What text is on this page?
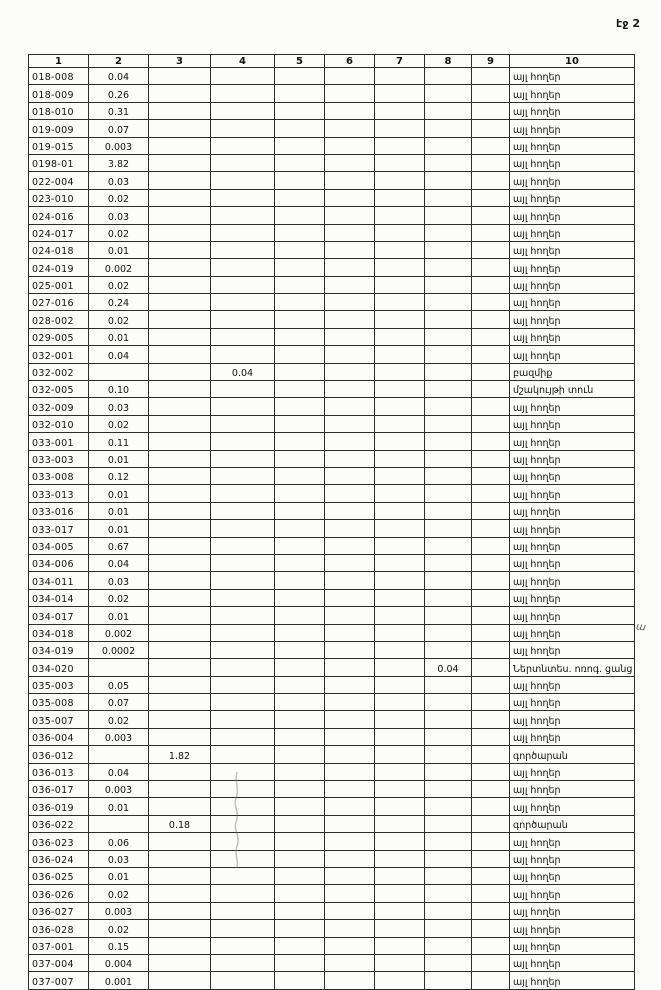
էջ 2
1	2	3	4	5	6	7	8	9	10
018-008	0.04								այլ հողեր
018-009	0.26								այլ հողեր
018-010	0.31								այլ հողեր
019-009	0.07								այլ հողեր
019-015	0.003								այլ հողեր
0198-01	3.82								այլ հողեր
022-004	0.03								այլ հողեր
023-010	0.02								այլ հողեր
024-016	0.03								այլ հողեր
024-017	0.02								այլ հողեր
024-018	0.01								այլ հողեր
024-019	0.002								այլ հողեր
025-001	0.02								այլ հողեր
027-016	0.24								այլ հողեր
028-002	0.02								այլ հողեր
029-005	0.01								այլ հողեր
032-001	0.04								այլ հողեր
032-002			0.04						բազմիք
032-005	0.10								մշակույթի տուն
032-009	0.03								այլ հողեր
032-010	0.02								այլ հողեր
033-001	0.11								այլ հողեր
033-003	0.01								այլ հողեր
033-008	0.12								այլ հողեր
033-013	0.01								այլ հողեր
033-016	0.01								այլ հողեր
033-017	0.01								այլ հողեր
034-005	0.67								այլ հողեր
034-006	0.04								այլ հողեր
034-011	0.03								այլ հողեր
034-014	0.02								այլ հողեր
034-017	0.01								այլ հողեր
034-018	0.002								այլ հողեր
034-019	0.0002								այլ հողեր
034-020							0.04		Ներտնտես. ոռոգ. ցանց
035-003	0.05								այլ հողեր
035-008	0.07								այլ հողեր
035-007	0.02								այլ հողեր
036-004	0.003								այլ հողեր
036-012		1.82							գործարան
036-013	0.04								այլ հողեր
036-017	0.003								այլ հողեր
036-019	0.01								այլ հողեր
036-022		0.18							գործարան
036-023	0.06								այլ հողեր
036-024	0.03								այլ հողեր
036-025	0.01								այլ հողեր
036-026	0.02								այլ հողեր
036-027	0.003								այլ հողեր
036-028	0.02								այլ հողեր
037-001	0.15								այլ հողեր
037-004	0.004								այլ հողեր
037-007	0.001								այլ հողեր
ա
